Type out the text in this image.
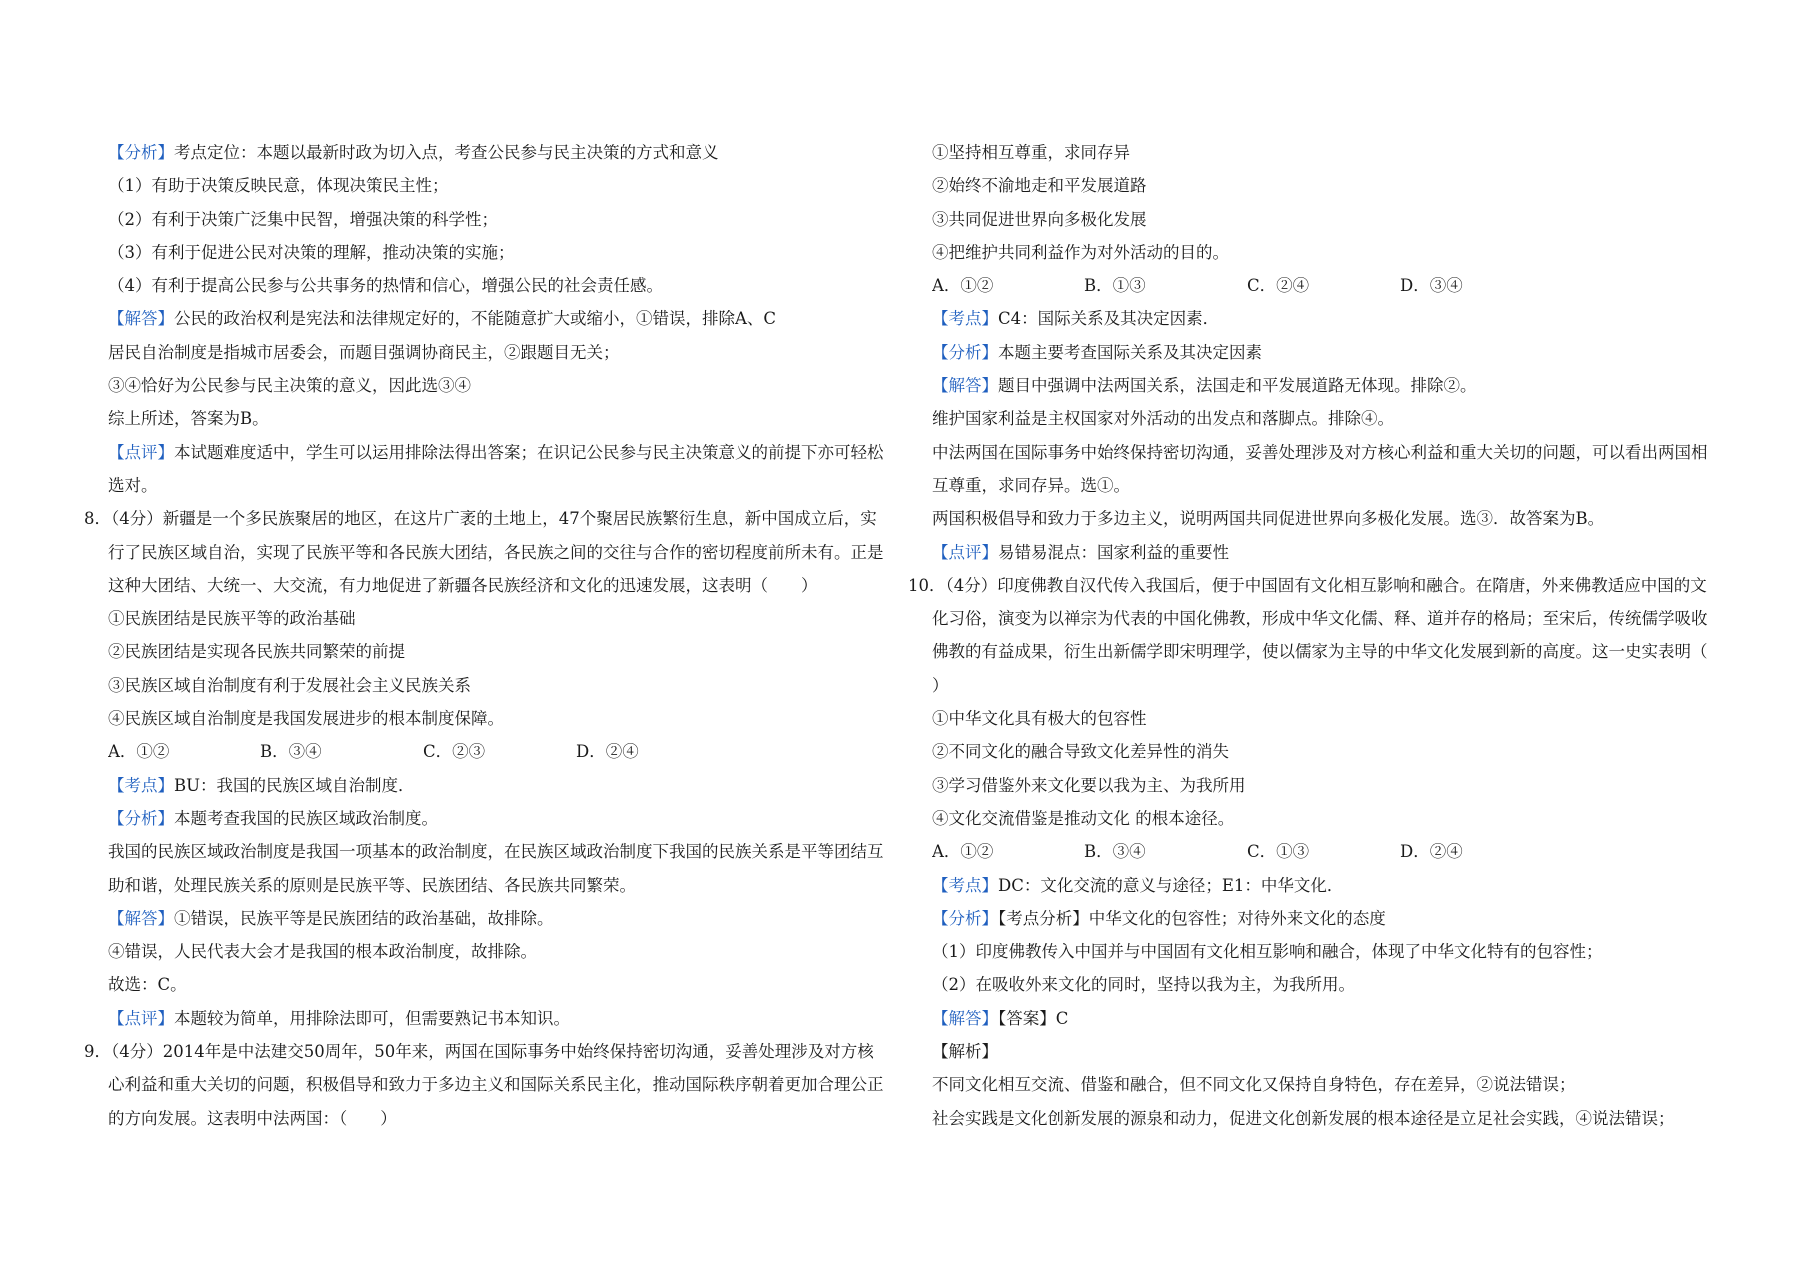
【分析】考点定位：本题以最新时政为切入点，考查公民参与民主决策的方式和意义
（1）有助于决策反映民意，体现决策民主性；
（2）有利于决策广泛集中民智，增强决策的科学性；
（3）有利于促进公民对决策的理解，推动决策的实施；
（4）有利于提高公民参与公共事务的热情和信心，增强公民的社会责任感。
【解答】公民的政治权利是宪法和法律规定好的，不能随意扩大或缩小，①错误，排除A、C
居民自治制度是指城市居委会，而题目强调协商民主，②跟题目无关；
③④恰好为公民参与民主决策的意义，因此选③④
综上所述，答案为B。
【点评】本试题难度适中，学生可以运用排除法得出答案；在识记公民参与民主决策意义的前提下亦可轻松
选对。
8．（4分）新疆是一个多民族聚居的地区，在这片广袤的土地上，47个聚居民族繁衍生息，新中国成立后，实
行了民族区域自治，实现了民族平等和各民族大团结，各民族之间的交往与合作的密切程度前所未有。正是
这种大团结、大统一、大交流，有力地促进了新疆各民族经济和文化的迅速发展，这表明（　　）
①民族团结是民族平等的政治基础
②民族团结是实现各民族共同繁荣的前提
③民族区域自治制度有利于发展社会主义民族关系
④民族区域自治制度是我国发展进步的根本制度保障。
A．①②	B．③④	C．②③	D．②④
【考点】BU：我国的民族区域自治制度．
【分析】本题考查我国的民族区域政治制度。
我国的民族区域政治制度是我国一项基本的政治制度，在民族区域政治制度下我国的民族关系是平等团结互
助和谐，处理民族关系的原则是民族平等、民族团结、各民族共同繁荣。
【解答】①错误，民族平等是民族团结的政治基础，故排除。
④错误，人民代表大会才是我国的根本政治制度，故排除。
故选：C。
【点评】本题较为简单，用排除法即可，但需要熟记书本知识。
9．（4分）2014年是中法建交50周年，50年来，两国在国际事务中始终保持密切沟通，妥善处理涉及对方核
心利益和重大关切的问题，积极倡导和致力于多边主义和国际关系民主化，推动国际秩序朝着更加合理公正
的方向发展。这表明中法两国：（　　）
①坚持相互尊重，求同存异
②始终不渝地走和平发展道路
③共同促进世界向多极化发展
④把维护共同利益作为对外活动的目的。
A．①②	B．①③	C．②④	D．③④
【考点】C4：国际关系及其决定因素．
【分析】本题主要考查国际关系及其决定因素
【解答】题目中强调中法两国关系，法国走和平发展道路无体现。排除②。
维护国家利益是主权国家对外活动的出发点和落脚点。排除④。
中法两国在国际事务中始终保持密切沟通，妥善处理涉及对方核心利益和重大关切的问题，可以看出两国相
互尊重，求同存异。选①。
两国积极倡导和致力于多边主义，说明两国共同促进世界向多极化发展。选③．故答案为B。
【点评】易错易混点：国家利益的重要性
10．（4分）印度佛教自汉代传入我国后，便于中国固有文化相互影响和融合。在隋唐，外来佛教适应中国的文
化习俗，演变为以禅宗为代表的中国化佛教，形成中华文化儒、释、道并存的格局；至宋后，传统儒学吸收
佛教的有益成果，衍生出新儒学即宋明理学，使以儒家为主导的中华文化发展到新的高度。这一史实表明（
）
①中华文化具有极大的包容性
②不同文化的融合导致文化差异性的消失
③学习借鉴外来文化要以我为主、为我所用
④文化交流借鉴是推动文化 的根本途径。
A．①②	B．③④	C．①③	D．②④
【考点】DC：文化交流的意义与途径；E1：中华文化．
【分析】【考点分析】中华文化的包容性；对待外来文化的态度
（1）印度佛教传入中国并与中国固有文化相互影响和融合，体现了中华文化特有的包容性；
（2）在吸收外来文化的同时，坚持以我为主，为我所用。
【解答】【答案】C
【解析】
不同文化相互交流、借鉴和融合，但不同文化又保持自身特色，存在差异，②说法错误；
社会实践是文化创新发展的源泉和动力，促进文化创新发展的根本途径是立足社会实践，④说法错误；
